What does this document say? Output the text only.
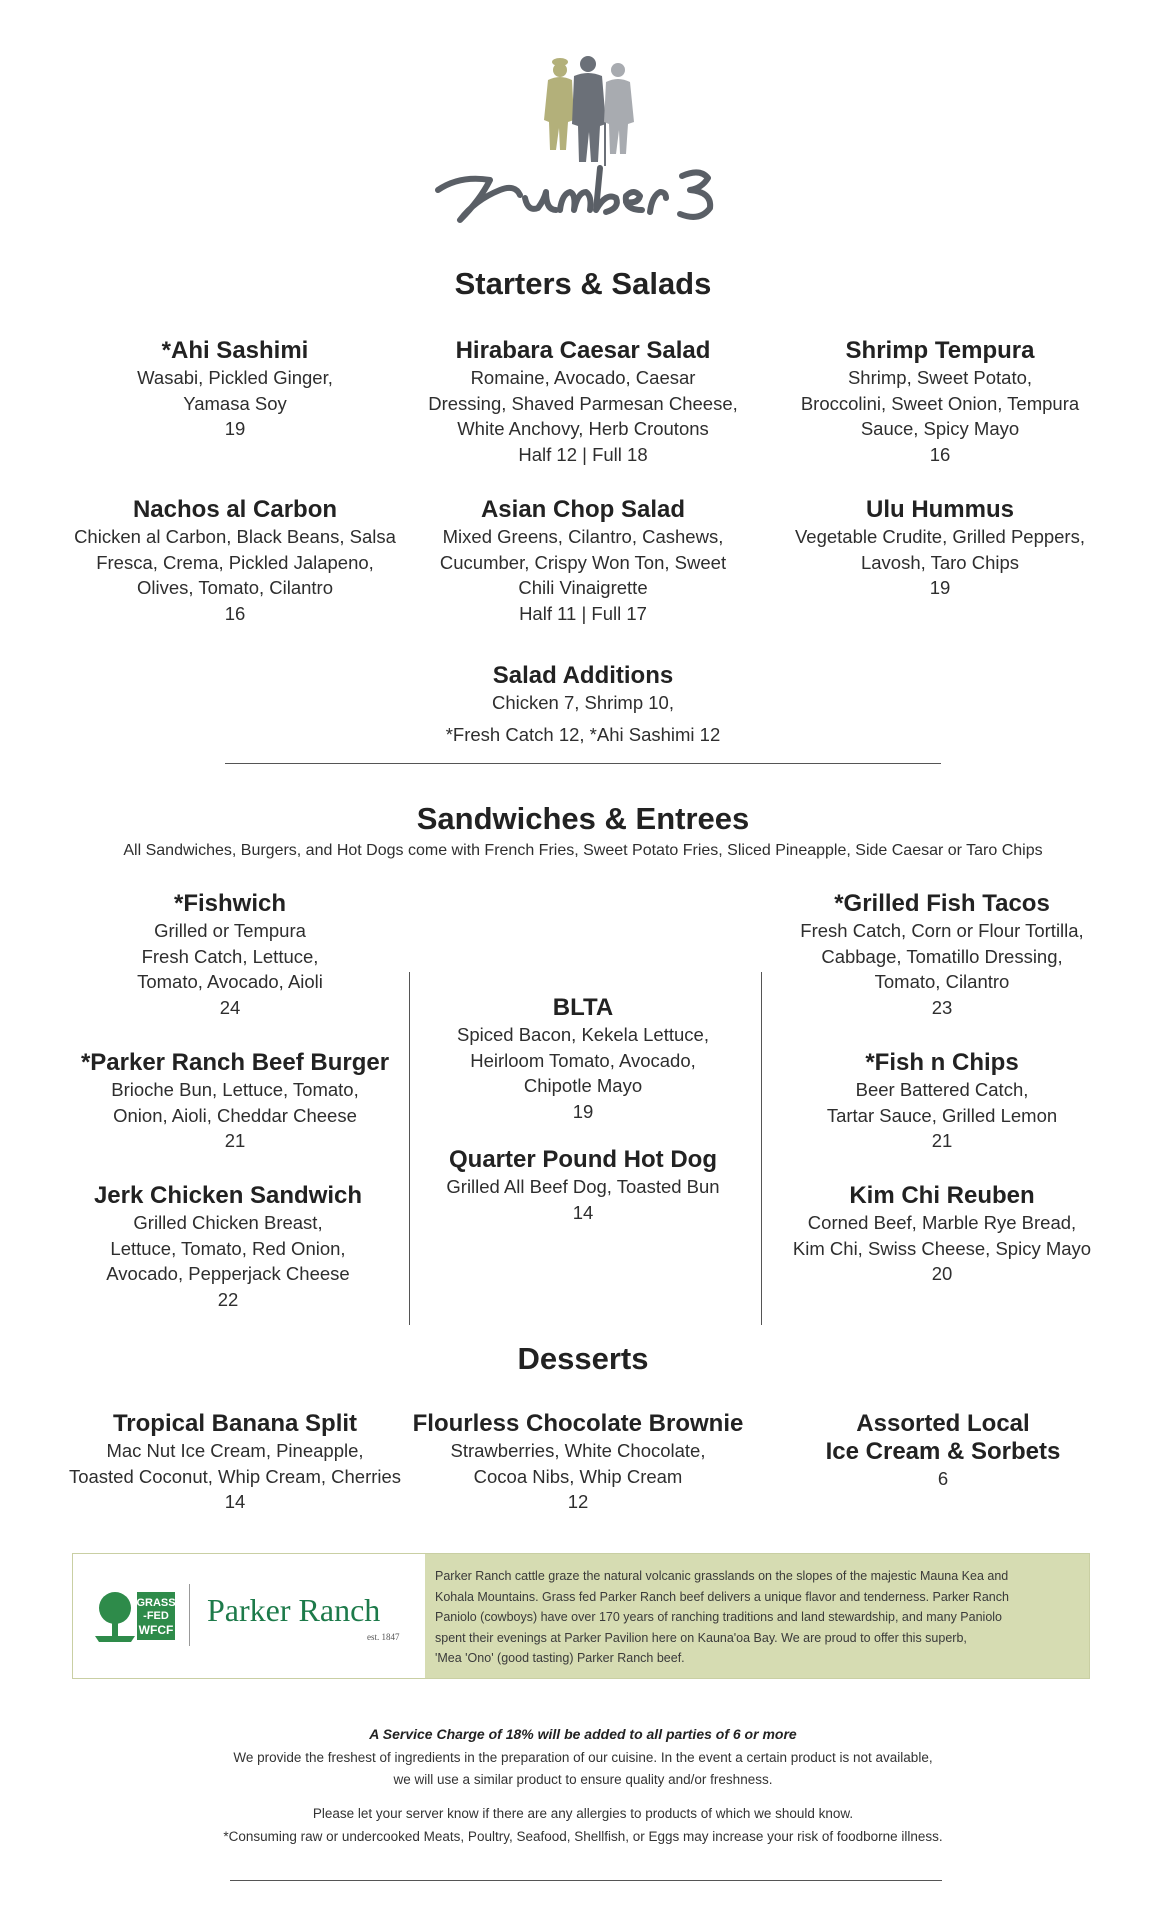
Starters & Salads
*Ahi Sashimi
Wasabi, Pickled Ginger,
Yamasa Soy
19
Hirabara Caesar Salad
Romaine, Avocado, Caesar
Dressing, Shaved Parmesan Cheese,
White Anchovy, Herb Croutons
Half 12 | Full 18
Shrimp Tempura
Shrimp, Sweet Potato,
Broccolini, Sweet Onion, Tempura
Sauce, Spicy Mayo
16
Nachos al Carbon
Chicken al Carbon, Black Beans, Salsa
Fresca, Crema, Pickled Jalapeno,
Olives, Tomato, Cilantro
16
Asian Chop Salad
Mixed Greens, Cilantro, Cashews,
Cucumber, Crispy Won Ton, Sweet
Chili Vinaigrette
Half 11 | Full 17
Ulu Hummus
Vegetable Crudite, Grilled Peppers,
Lavosh, Taro Chips
19
Salad Additions
Chicken 7, Shrimp 10,
*Fresh Catch 12, *Ahi Sashimi 12
Sandwiches & Entrees
All Sandwiches, Burgers, and Hot Dogs come with French Fries, Sweet Potato Fries, Sliced Pineapple, Side Caesar or Taro Chips
*Fishwich
Grilled or Tempura
Fresh Catch, Lettuce,
Tomato, Avocado, Aioli
24
*Grilled Fish Tacos
Fresh Catch, Corn or Flour Tortilla,
Cabbage, Tomatillo Dressing,
Tomato, Cilantro
23
BLTA
Spiced Bacon, Kekela Lettuce,
Heirloom Tomato, Avocado,
Chipotle Mayo
19
*Parker Ranch Beef Burger
Brioche Bun, Lettuce, Tomato,
Onion, Aioli, Cheddar Cheese
21
*Fish n Chips
Beer Battered Catch,
Tartar Sauce, Grilled Lemon
21
Quarter Pound Hot Dog
Grilled All Beef Dog, Toasted Bun
14
Jerk Chicken Sandwich
Grilled Chicken Breast,
Lettuce, Tomato, Red Onion,
Avocado, Pepperjack Cheese
22
Kim Chi Reuben
Corned Beef, Marble Rye Bread,
Kim Chi, Swiss Cheese, Spicy Mayo
20
Desserts
Tropical Banana Split
Mac Nut Ice Cream, Pineapple,
Toasted Coconut, Whip Cream, Cherries
14
Flourless Chocolate Brownie
Strawberries, White Chocolate,
Cocoa Nibs, Whip Cream
12
Assorted Local
Ice Cream & Sorbets
6
GRASS
-FED
WFCF
Parker Ranch
est. 1847
Parker Ranch cattle graze the natural volcanic grasslands on the slopes of the majestic Mauna Kea and
Kohala Mountains. Grass fed Parker Ranch beef delivers a unique flavor and tenderness. Parker Ranch
Paniolo (cowboys) have over 170 years of ranching traditions and land stewardship, and many Paniolo
spent their evenings at Parker Pavilion here on Kauna'oa Bay. We are proud to offer this superb,
'Mea 'Ono' (good tasting) Parker Ranch beef.
A Service Charge of 18% will be added to all parties of 6 or more
We provide the freshest of ingredients in the preparation of our cuisine. In the event a certain product is not available,
we will use a similar product to ensure quality and/or freshness.
Please let your server know if there are any allergies to products of which we should know.
*Consuming raw or undercooked Meats, Poultry, Seafood, Shellfish, or Eggs may increase your risk of foodborne illness.
